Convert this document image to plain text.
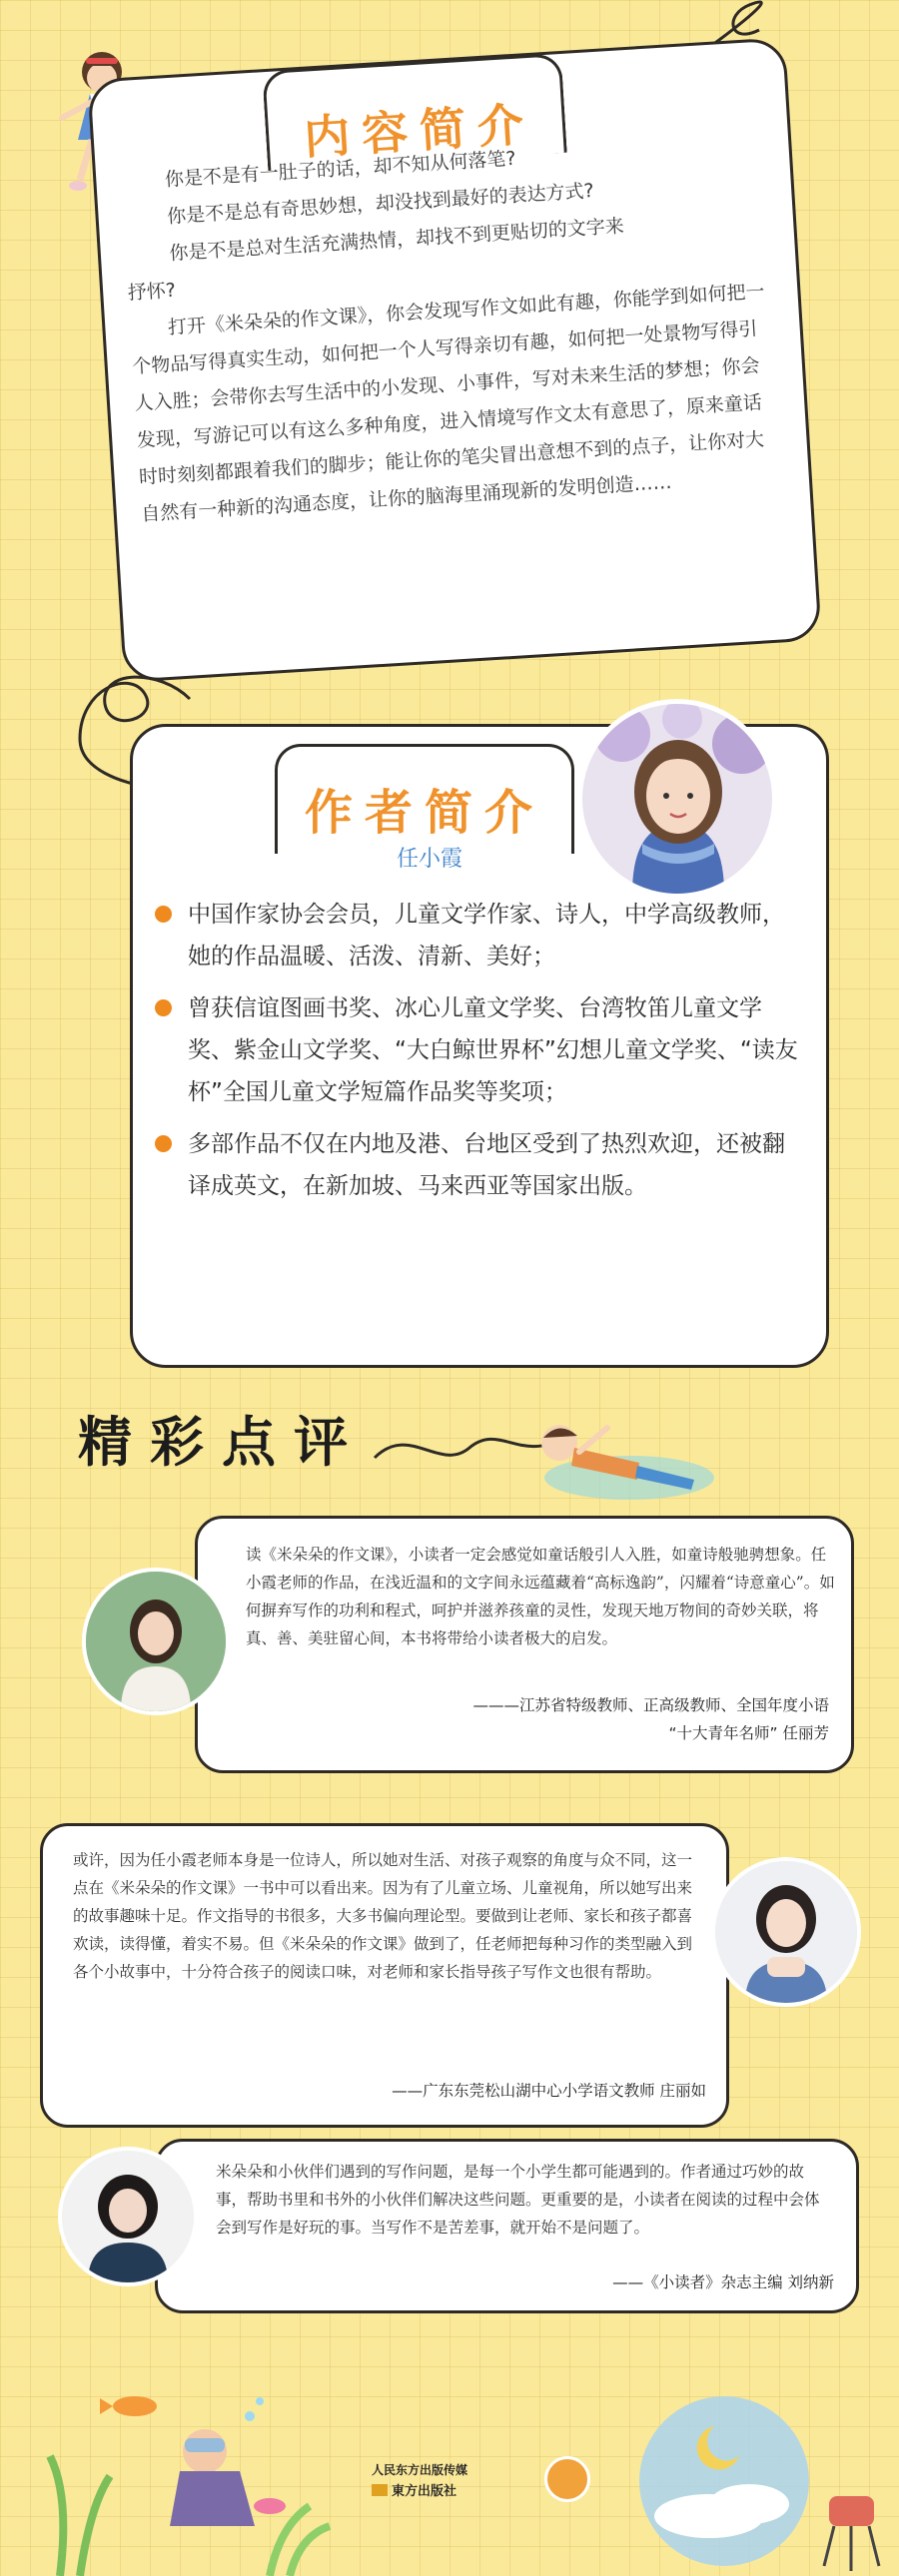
内容简介

你是不是有一肚子的话，却不知从何落笔?

你是不是总有奇思妙想，却没找到最好的表达方式?

你是不是总对生活充满热情，却找不到更贴切的文字来

抒怀?

打开《米朵朵的作文课》，你会发现写作文如此有趣，你能学到如何把一个物品写得真实生动，如何把一个人写得亲切有趣，如何把一处景物写得引人入胜；会带你去写生活中的小发现、小事件，写对未来生活的梦想；你会发现，写游记可以有这么多种角度，进入情境写作文太有意思了，原来童话时时刻刻都跟着我们的脚步；能让你的笔尖冒出意想不到的点子，让你对大自然有一种新的沟通态度，让你的脑海里涌现新的发明创造……

作者简介
任小霞
中国作家协会会员，儿童文学作家、诗人，中学高级教师，她的作品温暖、活泼、清新、美好；
曾获信谊图画书奖、冰心儿童文学奖、台湾牧笛儿童文学奖、紫金山文学奖、“大白鲸世界杯”幻想儿童文学奖、“读友杯”全国儿童文学短篇作品奖等奖项；
多部作品不仅在内地及港、台地区受到了热烈欢迎，还被翻译成英文，在新加坡、马来西亚等国家出版。
精彩点评
读《米朵朵的作文课》，小读者一定会感觉如童话般引人入胜，如童诗般驰骋想象。任小霞老师的作品，在浅近温和的文字间永远蕴藏着“高标逸韵”，闪耀着“诗意童心”。如何摒弃写作的功利和程式，呵护并滋养孩童的灵性，发现天地万物间的奇妙关联，将真、善、美驻留心间，本书将带给小读者极大的启发。
———江苏省特级教师、正高级教师、全国年度小语
“十大青年名师” 任丽芳
或许，因为任小霞老师本身是一位诗人，所以她对生活、对孩子观察的角度与众不同，这一点在《米朵朵的作文课》一书中可以看出来。因为有了儿童立场、儿童视角，所以她写出来的故事趣味十足。作文指导的书很多，大多书偏向理论型。要做到让老师、家长和孩子都喜欢读，读得懂，着实不易。但《米朵朵的作文课》做到了，任老师把每种习作的类型融入到各个小故事中，十分符合孩子的阅读口味，对老师和家长指导孩子写作文也很有帮助。
——广东东莞松山湖中心小学语文教师 庄丽如
米朵朵和小伙伴们遇到的写作问题，是每一个小学生都可能遇到的。作者通过巧妙的故事，帮助书里和书外的小伙伴们解决这些问题。更重要的是，小读者在阅读的过程中会体会到写作是好玩的事。当写作不是苦差事，就开始不是问题了。
——《小读者》杂志主编 刘纳新
人民东方出版传媒
東方出版社
